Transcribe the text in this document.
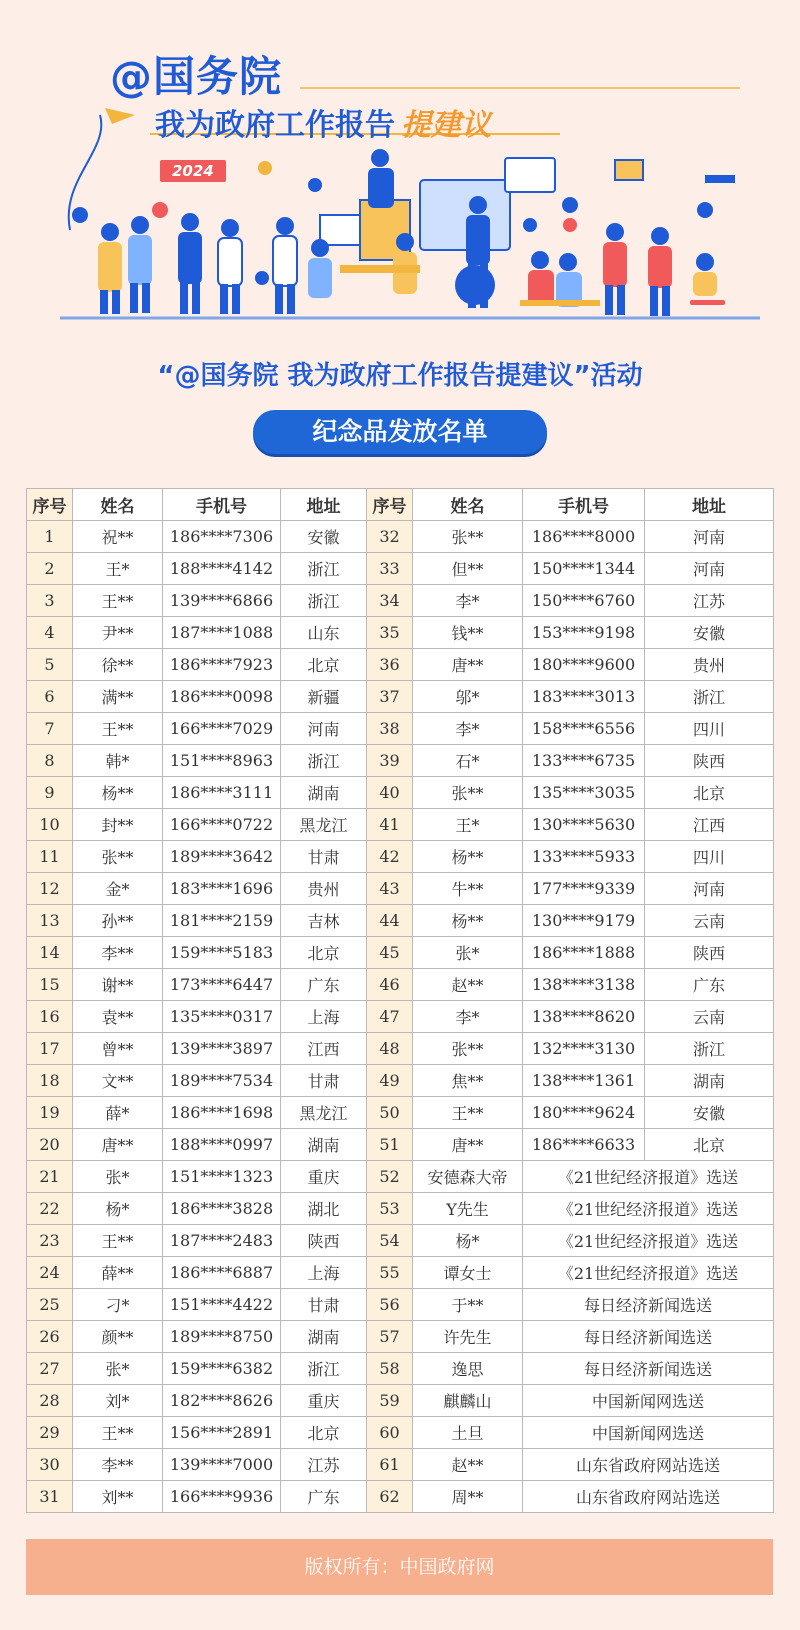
@国务院
我为政府工作报告 提建议
2024
“@国务院 我为政府工作报告提建议”活动
纪念品发放名单
序号	姓名	手机号	地址	序号	姓名	手机号	地址
1	祝**	186****7306	安徽	32	张**	186****8000	河南
2	王*	188****4142	浙江	33	但**	150****1344	河南
3	王**	139****6866	浙江	34	李*	150****6760	江苏
4	尹**	187****1088	山东	35	钱**	153****9198	安徽
5	徐**	186****7923	北京	36	唐**	180****9600	贵州
6	满**	186****0098	新疆	37	邬*	183****3013	浙江
7	王**	166****7029	河南	38	李*	158****6556	四川
8	韩*	151****8963	浙江	39	石*	133****6735	陕西
9	杨**	186****3111	湖南	40	张**	135****3035	北京
10	封**	166****0722	黑龙江	41	王*	130****5630	江西
11	张**	189****3642	甘肃	42	杨**	133****5933	四川
12	金*	183****1696	贵州	43	牛**	177****9339	河南
13	孙**	181****2159	吉林	44	杨**	130****9179	云南
14	李**	159****5183	北京	45	张*	186****1888	陕西
15	谢**	173****6447	广东	46	赵**	138****3138	广东
16	袁**	135****0317	上海	47	李*	138****8620	云南
17	曾**	139****3897	江西	48	张**	132****3130	浙江
18	文**	189****7534	甘肃	49	焦**	138****1361	湖南
19	薛*	186****1698	黑龙江	50	王**	180****9624	安徽
20	唐**	188****0997	湖南	51	唐**	186****6633	北京
21	张*	151****1323	重庆	52	安德森大帝	《21世纪经济报道》选送	
22	杨*	186****3828	湖北	53	Y先生	《21世纪经济报道》选送	
23	王**	187****2483	陕西	54	杨*	《21世纪经济报道》选送	
24	薛**	186****6887	上海	55	谭女士	《21世纪经济报道》选送	
25	刁*	151****4422	甘肃	56	于**	每日经济新闻选送	
26	颜**	189****8750	湖南	57	许先生	每日经济新闻选送	
27	张*	159****6382	浙江	58	逸思	每日经济新闻选送	
28	刘*	182****8626	重庆	59	麒麟山	中国新闻网选送	
29	王**	156****2891	北京	60	土旦	中国新闻网选送	
30	李**	139****7000	江苏	61	赵**	山东省政府网站选送	
31	刘**	166****9936	广东	62	周**	山东省政府网站选送	
版权所有：中国政府网
